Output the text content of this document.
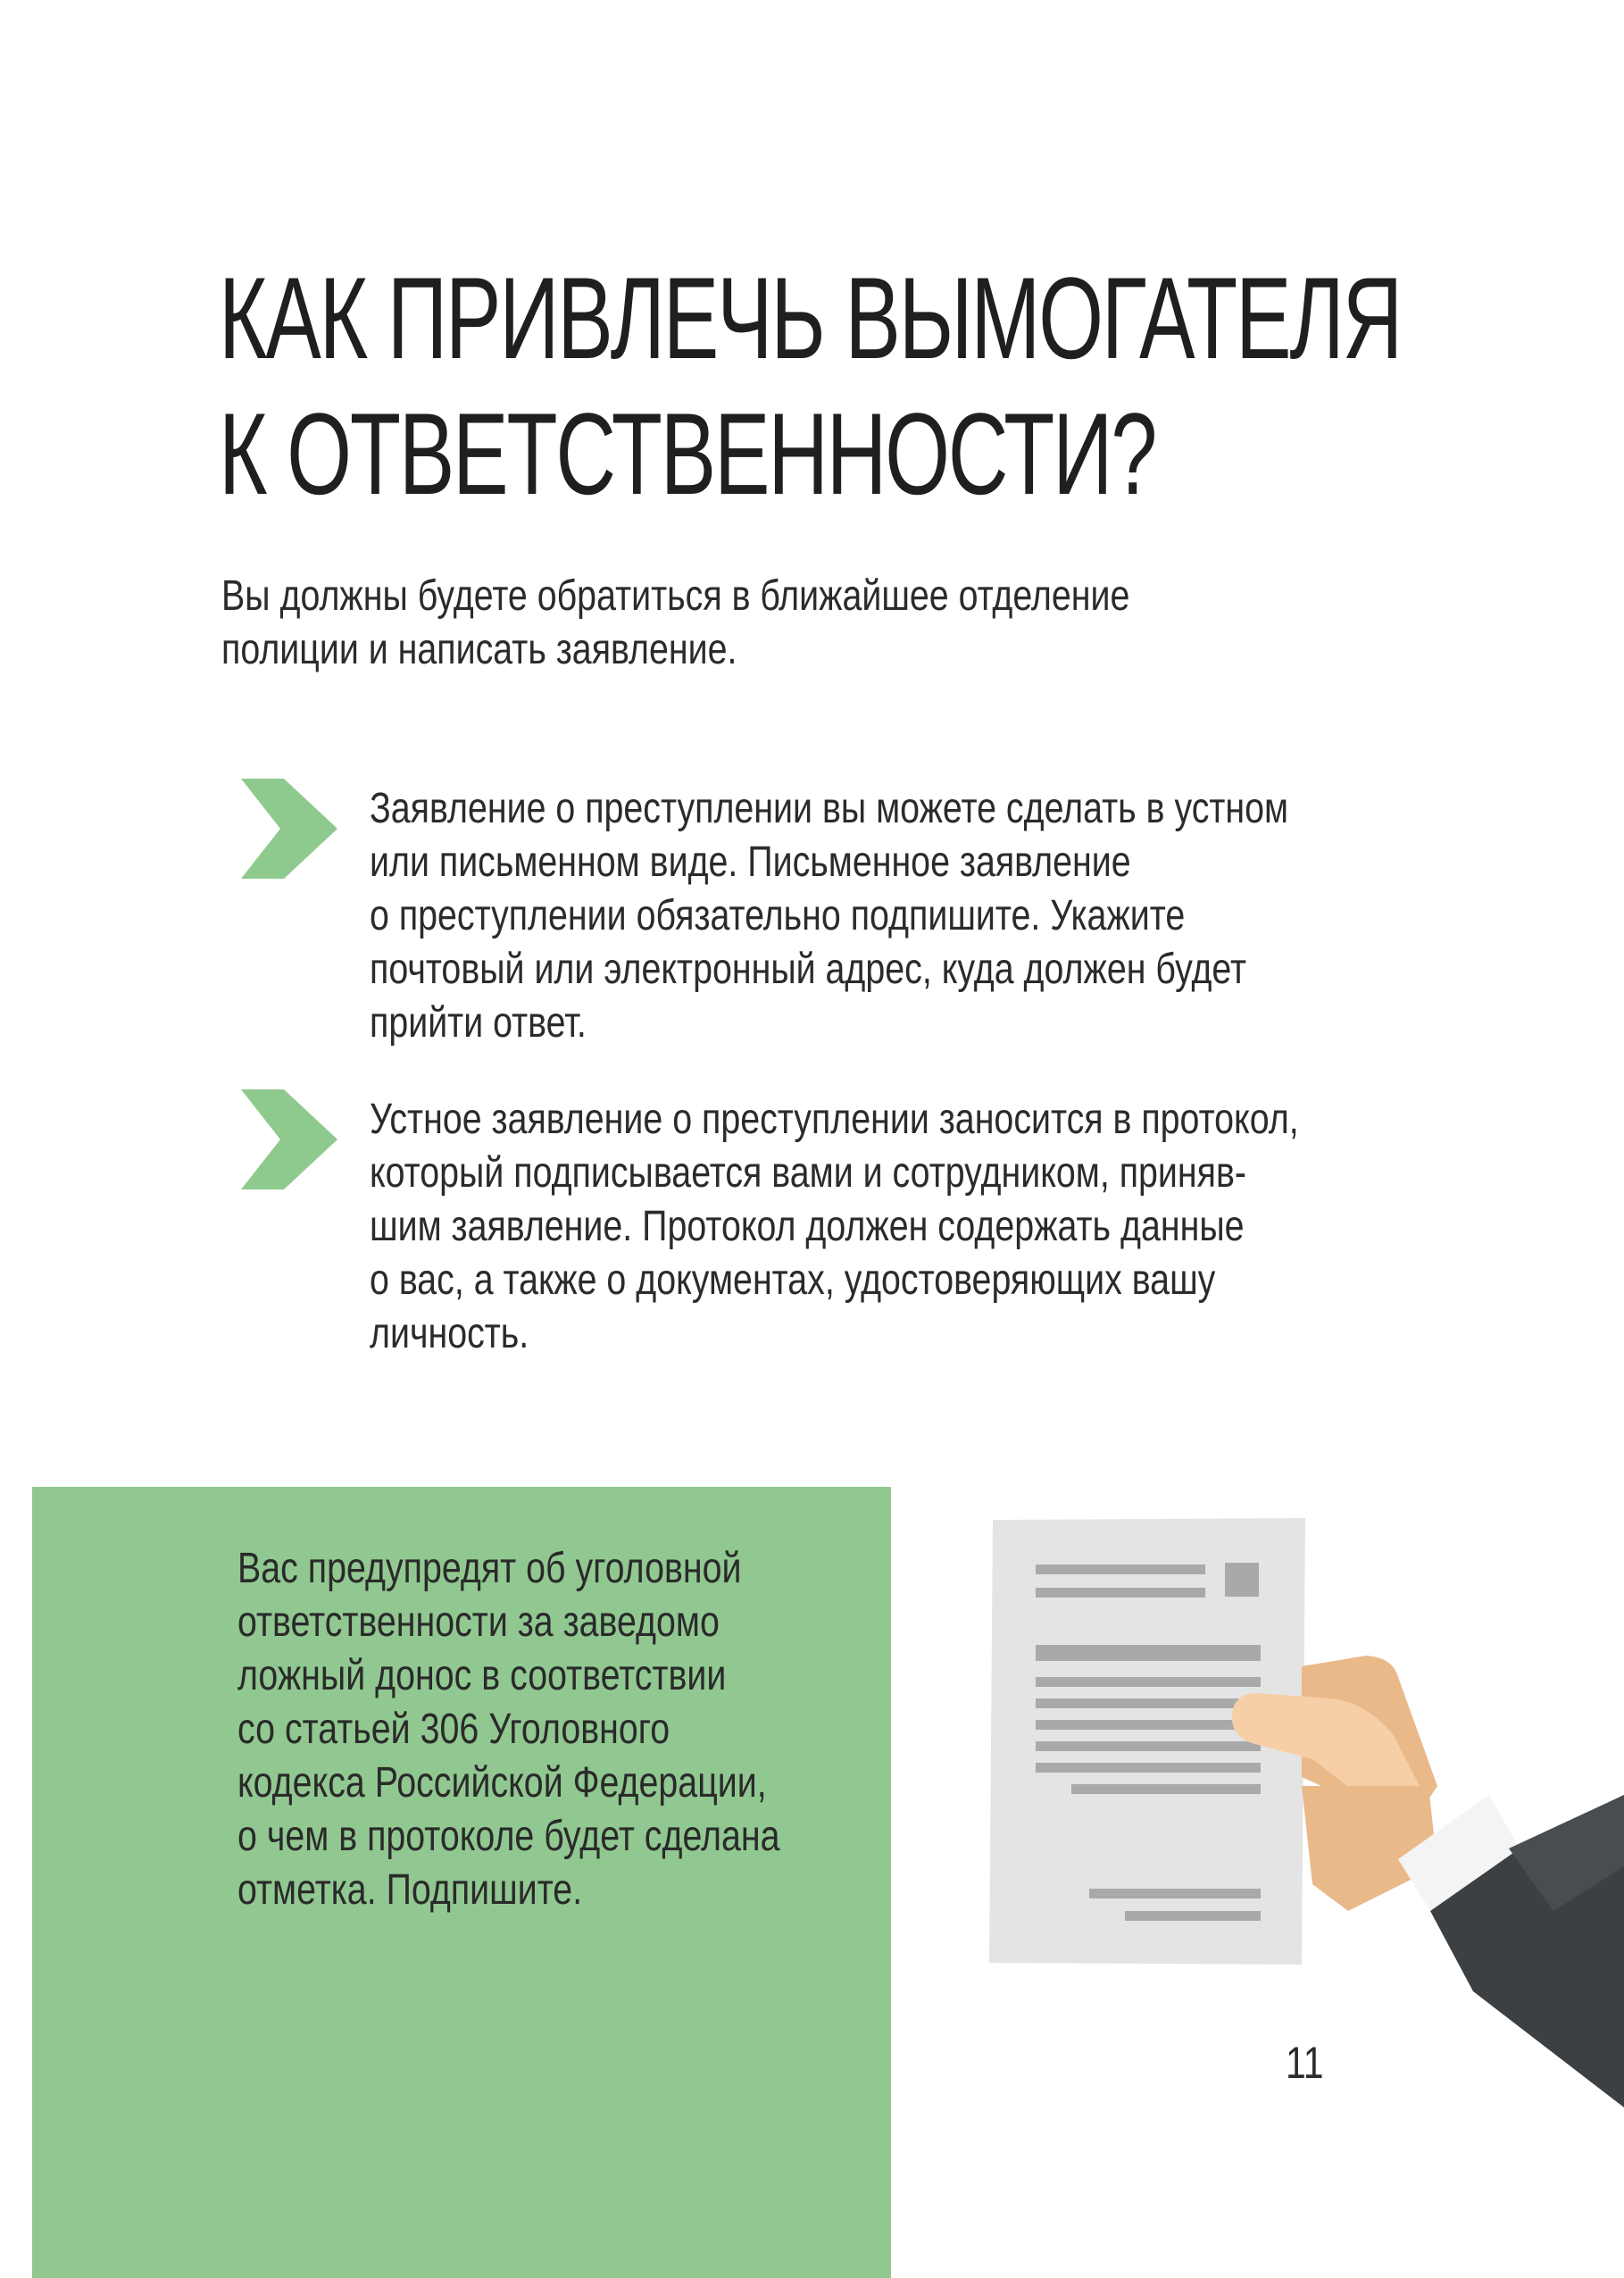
КАК ПРИВЛЕЧЬ ВЫМОГАТЕЛЯ
К ОТВЕТСТВЕННОСТИ?
Вы должны будете обратиться в ближайшее отделение
полиции и написать заявление.
Заявление о преступлении вы можете сделать в устном
или письменном виде. Письменное заявление
о преступлении обязательно подпишите. Укажите
почтовый или электронный адрес, куда должен будет
прийти ответ.
Устное заявление о преступлении заносится в протокол,
который подписывается вами и сотрудником, приняв-
шим заявление. Протокол должен содержать данные
о вас, а также о документах, удостоверяющих вашу
личность.
Вас предупредят об уголовной
ответственности за заведомо
ложный донос в соответствии
со статьей 306 Уголовного
кодекса Российской Федерации,
о чем в протоколе будет сделана
отметка. Подпишите.
11
